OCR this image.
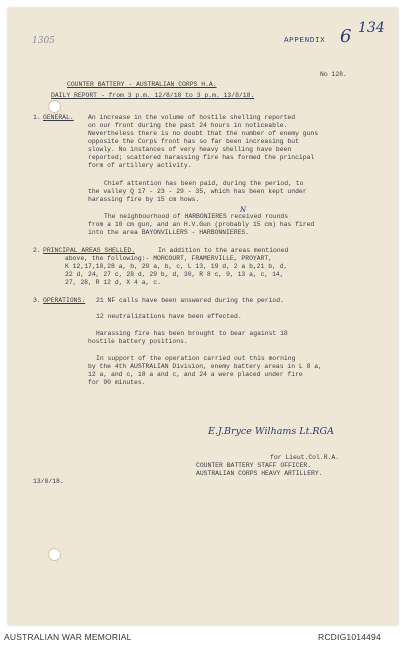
1305	APPENDIX 6 134
No 128.
COUNTER BATTERY - AUSTRALIAN CORPS H.A.
DAILY REPORT - from 3 p.m. 12/8/18 to 3 p.m. 13/8/18.
1. GENERAL. An increase in the volume of hostile shelling reported
on our front during the past 24 hours in noticeable.
Nevertheless there is no doubt that the number of enemy guns
opposite the Corps front has so far been increasing but
slowly. No instances of very heavy shelling have been
reported; scattered harassing fire has formed the principal
form of artillery activity.
Chief attention has been paid, during the period, to
the valley Q 17 - 23 - 29 - 35, which has been kept under
harassing fire by 15 cm hows.
N
The neighbourhood of HARBONIERES received rounds
from a 10 cm gun, and an H.V.Gun (probably 15 cm) has fired
into the area BAYONVILLERS - HARBONNIERES.
2. PRINCIPAL AREAS SHELLED.	In addition to the areas mentioned
above, the following:- MORCOURT, FRAMERVILLE, PROYART,
K 12,17,18,28 a, b, 29 a, b, c, L 13, 19 d, 2 a b,21 b, d,
22 d, 24, 27 c, 28 d, 29 b, d, 30, R 8 c, 9, 13 a, c, 14,
27, 28, R 12 d, X 4 a, c.
3. OPERATIONS. 21 NF calls have been answered during the period.
12 neutralizations have been effected.
Harassing fire has been brought to bear against 18
hostile battery positions.
In support of the operation carried out this morning
by the 4th AUSTRALIAN Division, enemy battery areas in L 8 a,
12 a, and c, 18 a and c, and 24 a were placed under fire
for 90 minutes.
E.J.Bryce Wilhams Lt.RGA
for Lieut.Col.R.A.
COUNTER BATTERY STAFF OFFICER.
AUSTRALIAN CORPS HEAVY ARTILLERY.
13/8/18.
AUSTRALIAN WAR MEMORIAL	RCDIG1014494
